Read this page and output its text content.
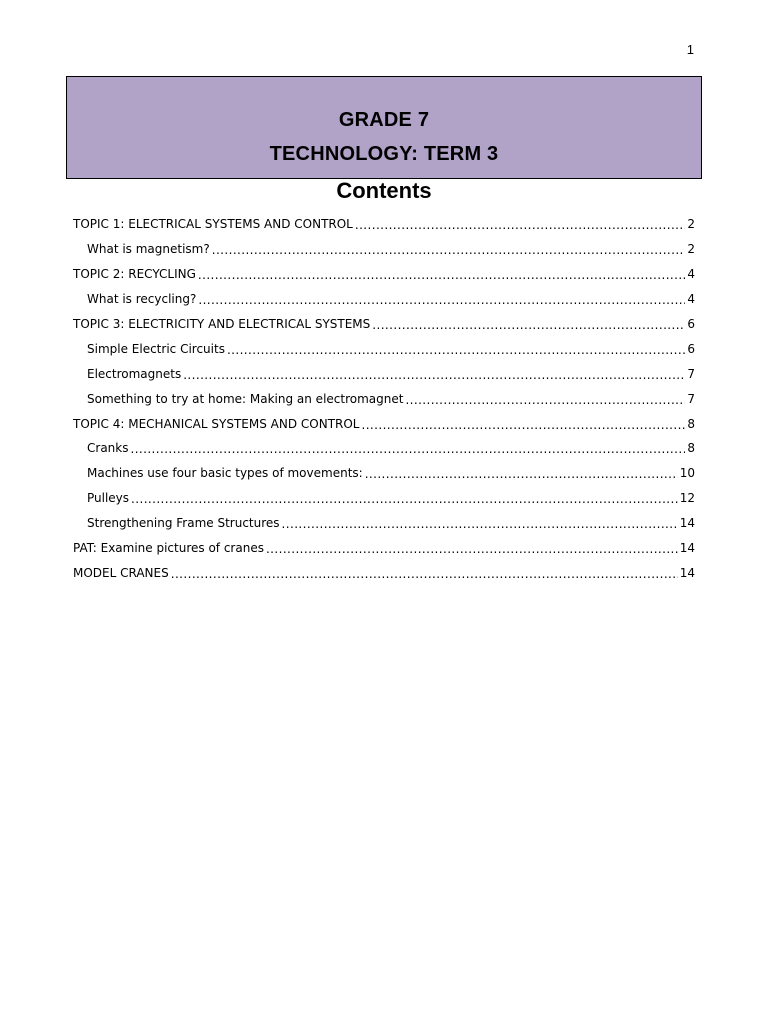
1
GRADE 7
TECHNOLOGY: TERM 3
Contents
TOPIC 1: ELECTRICAL SYSTEMS AND CONTROL .....	2
What is magnetism? .....	2
TOPIC 2: RECYCLING .....	4
What is recycling? .....	4
TOPIC 3: ELECTRICITY AND ELECTRICAL SYSTEMS .....	6
Simple Electric Circuits .....	6
Electromagnets .....	7
Something to try at home: Making an electromagnet .....	7
TOPIC 4: MECHANICAL SYSTEMS AND CONTROL .....	8
Cranks .....	8
Machines use four basic types of movements: .....	10
Pulleys .....	12
Strengthening Frame Structures .....	14
PAT: Examine pictures of cranes .....	14
MODEL CRANES .....	14
